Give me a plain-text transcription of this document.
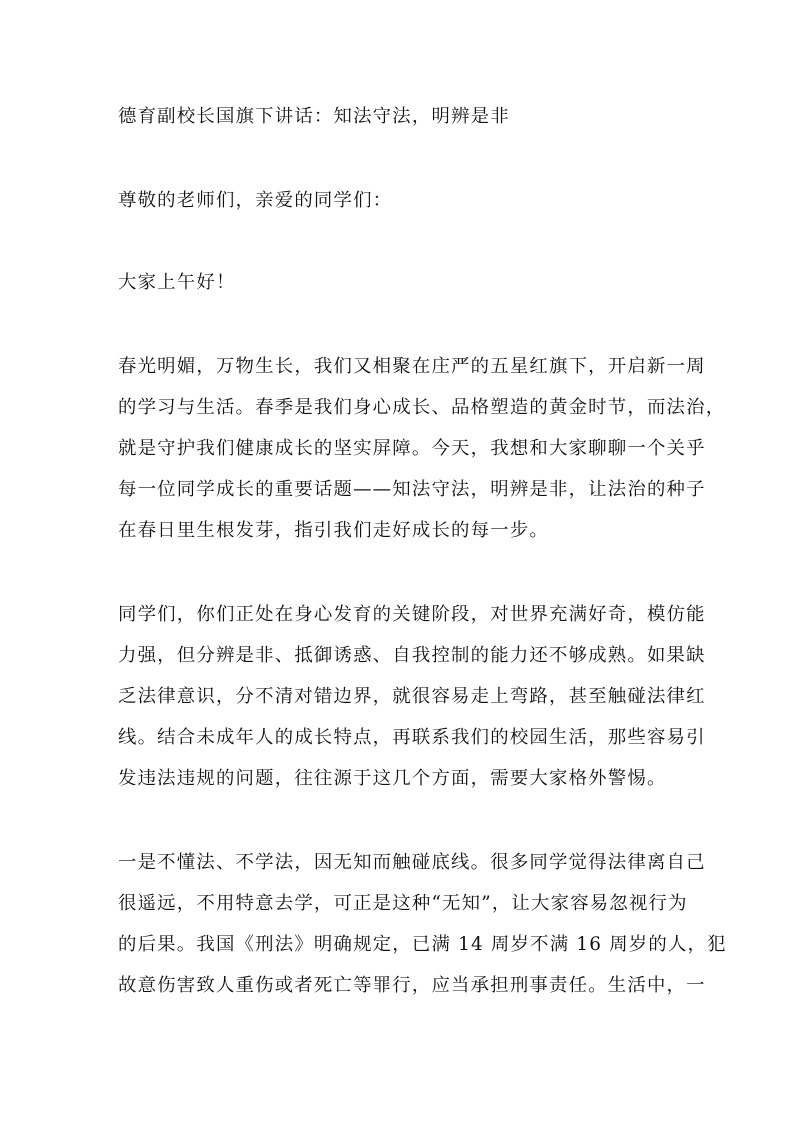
德育副校长国旗下讲话：知法守法，明辨是非
尊敬的老师们，亲爱的同学们：
大家上午好！
春光明媚，万物生长，我们又相聚在庄严的五星红旗下，开启新一周
的学习与生活。春季是我们身心成长、品格塑造的黄金时节，而法治，
就是守护我们健康成长的坚实屏障。今天，我想和大家聊聊一个关乎
每一位同学成长的重要话题——知法守法，明辨是非，让法治的种子
在春日里生根发芽，指引我们走好成长的每一步。
同学们，你们正处在身心发育的关键阶段，对世界充满好奇，模仿能
力强，但分辨是非、抵御诱惑、自我控制的能力还不够成熟。如果缺
乏法律意识，分不清对错边界，就很容易走上弯路，甚至触碰法律红
线。结合未成年人的成长特点，再联系我们的校园生活，那些容易引
发违法违规的问题，往往源于这几个方面，需要大家格外警惕。
一是不懂法、不学法，因无知而触碰底线。很多同学觉得法律离自己
很遥远，不用特意去学，可正是这种“无知”，让大家容易忽视行为
的后果。我国《刑法》明确规定，已满 14 周岁不满 16 周岁的人，犯
故意伤害致人重伤或者死亡等罪行，应当承担刑事责任。生活中，一
